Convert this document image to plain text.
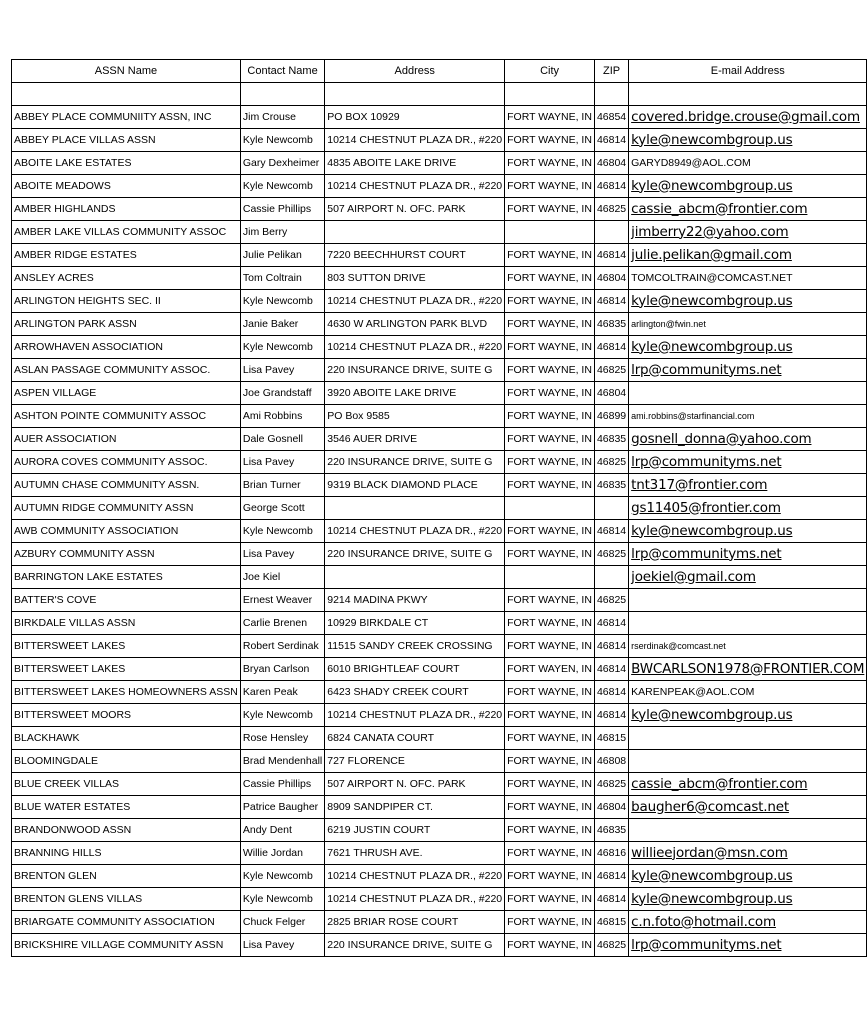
ASSN Name	Contact Name	Address	City	ZIP	E-mail Address

ABBEY PLACE COMMUNIITY ASSN, INC	Jim Crouse	PO BOX 10929	FORT WAYNE, IN	46854	covered.bridge.crouse@gmail.com
ABBEY PLACE VILLAS ASSN	Kyle Newcomb	10214 CHESTNUT PLAZA DR., #220	FORT WAYNE, IN	46814	kyle@newcombgroup.us
ABOITE LAKE ESTATES	Gary Dexheimer	4835 ABOITE LAKE DRIVE	FORT WAYNE, IN	46804	GARYD8949@AOL.COM
ABOITE MEADOWS	Kyle Newcomb	10214 CHESTNUT PLAZA DR., #220	FORT WAYNE, IN	46814	kyle@newcombgroup.us
AMBER HIGHLANDS	Cassie Phillips	507 AIRPORT N. OFC. PARK	FORT WAYNE, IN	46825	cassie_abcm@frontier.com
AMBER LAKE VILLAS COMMUNITY ASSOC	Jim Berry				jimberry22@yahoo.com
AMBER RIDGE ESTATES	Julie Pelikan	7220 BEECHHURST COURT	FORT WAYNE, IN	46814	julie.pelikan@gmail.com
ANSLEY ACRES	Tom Coltrain	803 SUTTON DRIVE	FORT WAYNE, IN	46804	TOMCOLTRAIN@COMCAST.NET
ARLINGTON HEIGHTS SEC. II	Kyle Newcomb	10214 CHESTNUT PLAZA DR., #220	FORT WAYNE, IN	46814	kyle@newcombgroup.us
ARLINGTON PARK ASSN	Janie Baker	4630 W ARLINGTON PARK BLVD	FORT WAYNE, IN	46835	arlington@fwin.net
ARROWHAVEN ASSOCIATION	Kyle Newcomb	10214 CHESTNUT PLAZA DR., #220	FORT WAYNE, IN	46814	kyle@newcombgroup.us
ASLAN PASSAGE COMMUNITY ASSOC.	Lisa Pavey	220 INSURANCE DRIVE, SUITE G	FORT WAYNE, IN	46825	lrp@communityms.net
ASPEN VILLAGE	Joe Grandstaff	3920 ABOITE LAKE DRIVE	FORT WAYNE, IN	46804	
ASHTON POINTE COMMUNITY ASSOC	Ami Robbins	PO Box 9585	FORT WAYNE, IN	46899	ami.robbins@starfinancial.com
AUER ASSOCIATION	Dale Gosnell	3546 AUER DRIVE	FORT WAYNE, IN	46835	gosnell_donna@yahoo.com
AURORA COVES COMMUNITY ASSOC.	Lisa Pavey	220 INSURANCE DRIVE, SUITE G	FORT WAYNE, IN	46825	lrp@communityms.net
AUTUMN CHASE COMMUNITY ASSN.	Brian Turner	9319 BLACK DIAMOND PLACE	FORT WAYNE, IN	46835	tnt317@frontier.com
AUTUMN RIDGE COMMUNITY ASSN	George Scott				gs11405@frontier.com
AWB COMMUNITY ASSOCIATION	Kyle Newcomb	10214 CHESTNUT PLAZA DR., #220	FORT WAYNE, IN	46814	kyle@newcombgroup.us
AZBURY COMMUNITY ASSN	Lisa Pavey	220 INSURANCE DRIVE, SUITE G	FORT WAYNE, IN	46825	lrp@communityms.net
BARRINGTON LAKE ESTATES	Joe Kiel				joekiel@gmail.com
BATTER'S COVE	Ernest Weaver	9214 MADINA PKWY	FORT WAYNE, IN	46825	
BIRKDALE VILLAS ASSN	Carlie Brenen	10929 BIRKDALE CT	FORT WAYNE, IN	46814	
BITTERSWEET LAKES	Robert Serdinak	11515 SANDY CREEK CROSSING	FORT WAYNE, IN	46814	rserdinak@comcast.net
BITTERSWEET LAKES	Bryan Carlson	6010 BRIGHTLEAF COURT	FORT WAYEN, IN	46814	BWCARLSON1978@FRONTIER.COM
BITTERSWEET LAKES HOMEOWNERS ASSN	Karen Peak	6423 SHADY CREEK COURT	FORT WAYNE, IN	46814	KARENPEAK@AOL.COM
BITTERSWEET MOORS	Kyle Newcomb	10214 CHESTNUT PLAZA DR., #220	FORT WAYNE, IN	46814	kyle@newcombgroup.us
BLACKHAWK	Rose Hensley	6824 CANATA COURT	FORT WAYNE, IN	46815	
BLOOMINGDALE	Brad Mendenhall	727 FLORENCE	FORT WAYNE, IN	46808	
BLUE CREEK VILLAS	Cassie Phillips	507 AIRPORT N. OFC. PARK	FORT WAYNE, IN	46825	cassie_abcm@frontier.com
BLUE WATER ESTATES	Patrice Baugher	8909 SANDPIPER CT.	FORT WAYNE, IN	46804	baugher6@comcast.net
BRANDONWOOD ASSN	Andy Dent	6219 JUSTIN COURT	FORT WAYNE, IN	46835	
BRANNING HILLS	Willie Jordan	7621 THRUSH AVE.	FORT WAYNE, IN	46816	willieejordan@msn.com
BRENTON GLEN	Kyle Newcomb	10214 CHESTNUT PLAZA DR., #220	FORT WAYNE, IN	46814	kyle@newcombgroup.us
BRENTON GLENS VILLAS	Kyle Newcomb	10214 CHESTNUT PLAZA DR., #220	FORT WAYNE, IN	46814	kyle@newcombgroup.us
BRIARGATE COMMUNITY ASSOCIATION	Chuck Felger	2825 BRIAR ROSE COURT	FORT WAYNE, IN	46815	c.n.foto@hotmail.com
BRICKSHIRE VILLAGE COMMUNITY ASSN	Lisa Pavey	220 INSURANCE DRIVE, SUITE G	FORT WAYNE, IN	46825	lrp@communityms.net
